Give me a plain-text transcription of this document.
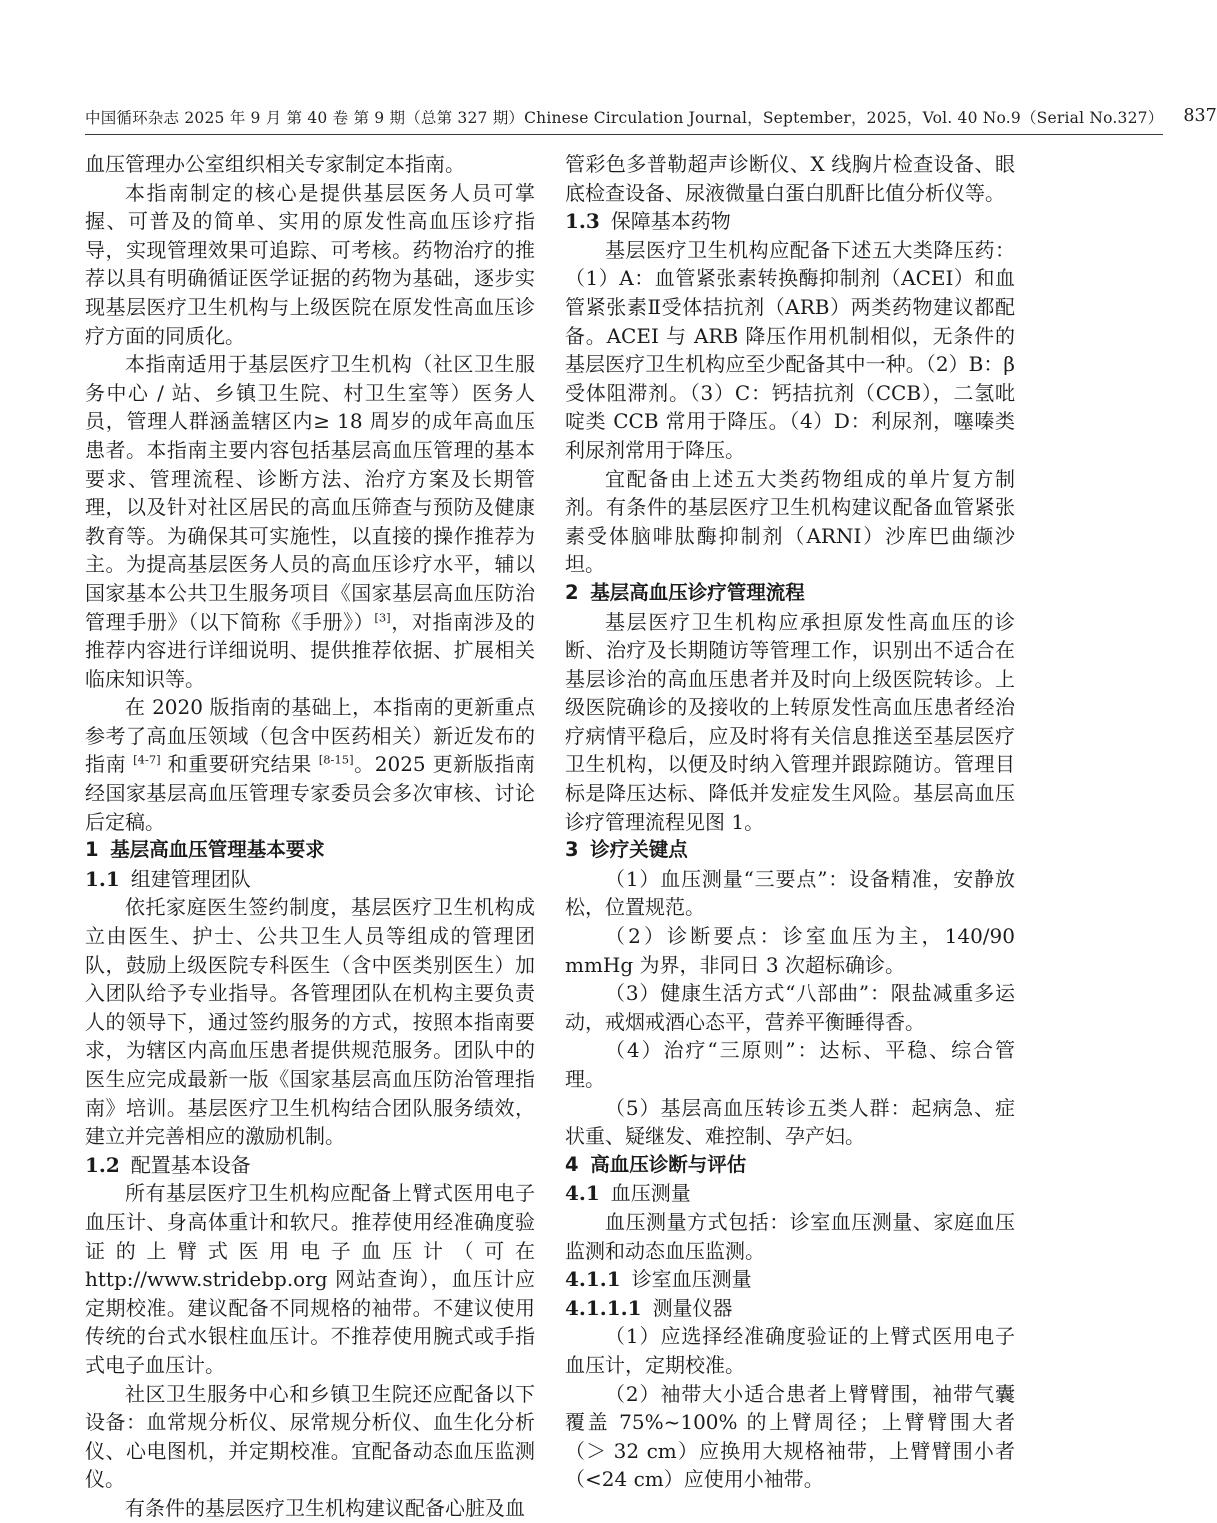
中国循环杂志 2025 年 9 月 第 40 卷 第 9 期（总第 327 期）Chinese Circulation Journal，September，2025，Vol. 40 No.9（Serial No.327）	837

血压管理办公室组织相关专家制定本指南。

本指南制定的核心是提供基层医务人员可掌握、可普及的简单、实用的原发性高血压诊疗指导，实现管理效果可追踪、可考核。药物治疗的推荐以具有明确循证医学证据的药物为基础，逐步实现基层医疗卫生机构与上级医院在原发性高血压诊疗方面的同质化。

本指南适用于基层医疗卫生机构（社区卫生服务中心 / 站、乡镇卫生院、村卫生室等）医务人员，管理人群涵盖辖区内≥ 18 周岁的成年高血压患者。本指南主要内容包括基层高血压管理的基本要求、管理流程、诊断方法、治疗方案及长期管理，以及针对社区居民的高血压筛查与预防及健康教育等。为确保其可实施性，以直接的操作推荐为主。为提高基层医务人员的高血压诊疗水平，辅以国家基本公共卫生服务项目《国家基层高血压防治管理手册》（以下简称《手册》）[3]，对指南涉及的推荐内容进行详细说明、提供推荐依据、扩展相关临床知识等。

在 2020 版指南的基础上，本指南的更新重点参考了高血压领域（包含中医药相关）新近发布的指南 [4-7] 和重要研究结果 [8-15]。2025 更新版指南经国家基层高血压管理专家委员会多次审核、讨论后定稿。

1 基层高血压管理基本要求
1.1 组建管理团队

依托家庭医生签约制度，基层医疗卫生机构成立由医生、护士、公共卫生人员等组成的管理团队，鼓励上级医院专科医生（含中医类别医生）加入团队给予专业指导。各管理团队在机构主要负责人的领导下，通过签约服务的方式，按照本指南要求，为辖区内高血压患者提供规范服务。团队中的医生应完成最新一版《国家基层高血压防治管理指南》培训。基层医疗卫生机构结合团队服务绩效，建立并完善相应的激励机制。

1.2 配置基本设备

所有基层医疗卫生机构应配备上臂式医用电子血压计、身高体重计和软尺。推荐使用经准确度验证的上臂式医用电子血压计（可在 http://www.stridebp.org 网站查询），血压计应定期校准。建议配备不同规格的袖带。不建议使用传统的台式水银柱血压计。不推荐使用腕式或手指式电子血压计。

社区卫生服务中心和乡镇卫生院还应配备以下设备：血常规分析仪、尿常规分析仪、血生化分析仪、心电图机，并定期校准。宜配备动态血压监测仪。

有条件的基层医疗卫生机构建议配备心脏及血

管彩色多普勒超声诊断仪、X 线胸片检查设备、眼底检查设备、尿液微量白蛋白肌酐比值分析仪等。

1.3 保障基本药物

基层医疗卫生机构应配备下述五大类降压药：（1）A：血管紧张素转换酶抑制剂（ACEI）和血管紧张素Ⅱ受体拮抗剂（ARB）两类药物建议都配备。ACEI 与 ARB 降压作用机制相似，无条件的基层医疗卫生机构应至少配备其中一种。（2）B：β 受体阻滞剂。（3）C：钙拮抗剂（CCB），二氢吡啶类 CCB 常用于降压。（4）D：利尿剂，噻嗪类利尿剂常用于降压。

宜配备由上述五大类药物组成的单片复方制剂。有条件的基层医疗卫生机构建议配备血管紧张素受体脑啡肽酶抑制剂（ARNI）沙库巴曲缬沙坦。

2 基层高血压诊疗管理流程

基层医疗卫生机构应承担原发性高血压的诊断、治疗及长期随访等管理工作，识别出不适合在基层诊治的高血压患者并及时向上级医院转诊。上级医院确诊的及接收的上转原发性高血压患者经治疗病情平稳后，应及时将有关信息推送至基层医疗卫生机构，以便及时纳入管理并跟踪随访。管理目标是降压达标、降低并发症发生风险。基层高血压诊疗管理流程见图 1。

3 诊疗关键点

（1）血压测量“三要点”：设备精准，安静放松，位置规范。

（2）诊断要点：诊室血压为主，140/90 mmHg 为界，非同日 3 次超标确诊。

（3）健康生活方式“八部曲”：限盐减重多运动，戒烟戒酒心态平，营养平衡睡得香。

（4）治疗“三原则”：达标、平稳、综合管理。

（5）基层高血压转诊五类人群：起病急、症状重、疑继发、难控制、孕产妇。

4 高血压诊断与评估
4.1 血压测量

血压测量方式包括：诊室血压测量、家庭血压监测和动态血压监测。

4.1.1 诊室血压测量
4.1.1.1 测量仪器

（1）应选择经准确度验证的上臂式医用电子血压计，定期校准。

（2）袖带大小适合患者上臂臂围，袖带气囊覆盖 75%~100% 的上臂周径；上臂臂围大者（＞ 32 cm）应换用大规格袖带，上臂臂围小者（<24 cm）应使用小袖带。
